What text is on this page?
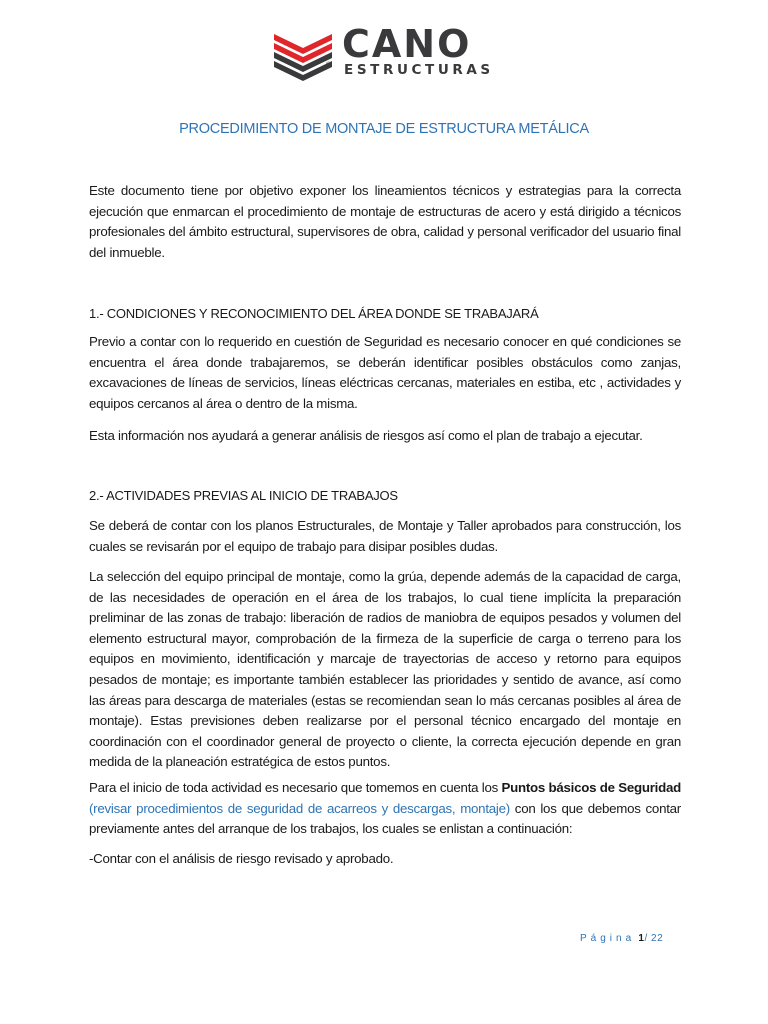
® CANO
ESTRUCTURAS
PROCEDIMIENTO DE MONTAJE DE ESTRUCTURA METÁLICA
Este documento tiene por objetivo exponer los lineamientos técnicos y estrategias para la correcta ejecución que enmarcan el procedimiento de montaje de estructuras de acero y está dirigido a técnicos profesionales del ámbito estructural, supervisores de obra, calidad y personal verificador del usuario final del inmueble.
1.- CONDICIONES Y RECONOCIMIENTO DEL ÁREA DONDE SE TRABAJARÁ
Previo a contar con lo requerido en cuestión de Seguridad es necesario conocer en qué condiciones se encuentra el área donde trabajaremos, se deberán identificar posibles obstáculos como zanjas, excavaciones de líneas de servicios, líneas eléctricas cercanas, materiales en estiba, etc , actividades y equipos cercanos al área o dentro de la misma.
Esta información nos ayudará a generar análisis de riesgos así como el plan de trabajo a ejecutar.
2.- ACTIVIDADES PREVIAS AL INICIO DE TRABAJOS
Se deberá de contar con los planos Estructurales, de Montaje y Taller aprobados para construcción, los cuales se revisarán por el equipo de trabajo para disipar posibles dudas.
La selección del equipo principal de montaje, como la grúa, depende además de la capacidad de carga, de las necesidades de operación en el área de los trabajos, lo cual tiene implícita la preparación preliminar de las zonas de trabajo: liberación de radios de maniobra de equipos pesados y volumen del elemento estructural mayor, comprobación de la firmeza de la superficie de carga o terreno para los equipos en movimiento, identificación y marcaje de trayectorias de acceso y retorno para equipos pesados de montaje; es importante también establecer las prioridades y sentido de avance, así como las áreas para descarga de materiales (estas se recomiendan sean lo más cercanas posibles al área de montaje). Estas previsiones deben realizarse por el personal técnico encargado del montaje en coordinación con el coordinador general de proyecto o cliente, la correcta ejecución depende en gran medida de la planeación estratégica de estos puntos.
Para el inicio de toda actividad es necesario que tomemos en cuenta los Puntos básicos de Seguridad (revisar procedimientos de seguridad de acarreos y descargas, montaje) con los que debemos contar previamente antes del arranque de los trabajos, los cuales se enlistan a continuación:
-Contar con el análisis de riesgo revisado y aprobado.
Página 1/ 22
